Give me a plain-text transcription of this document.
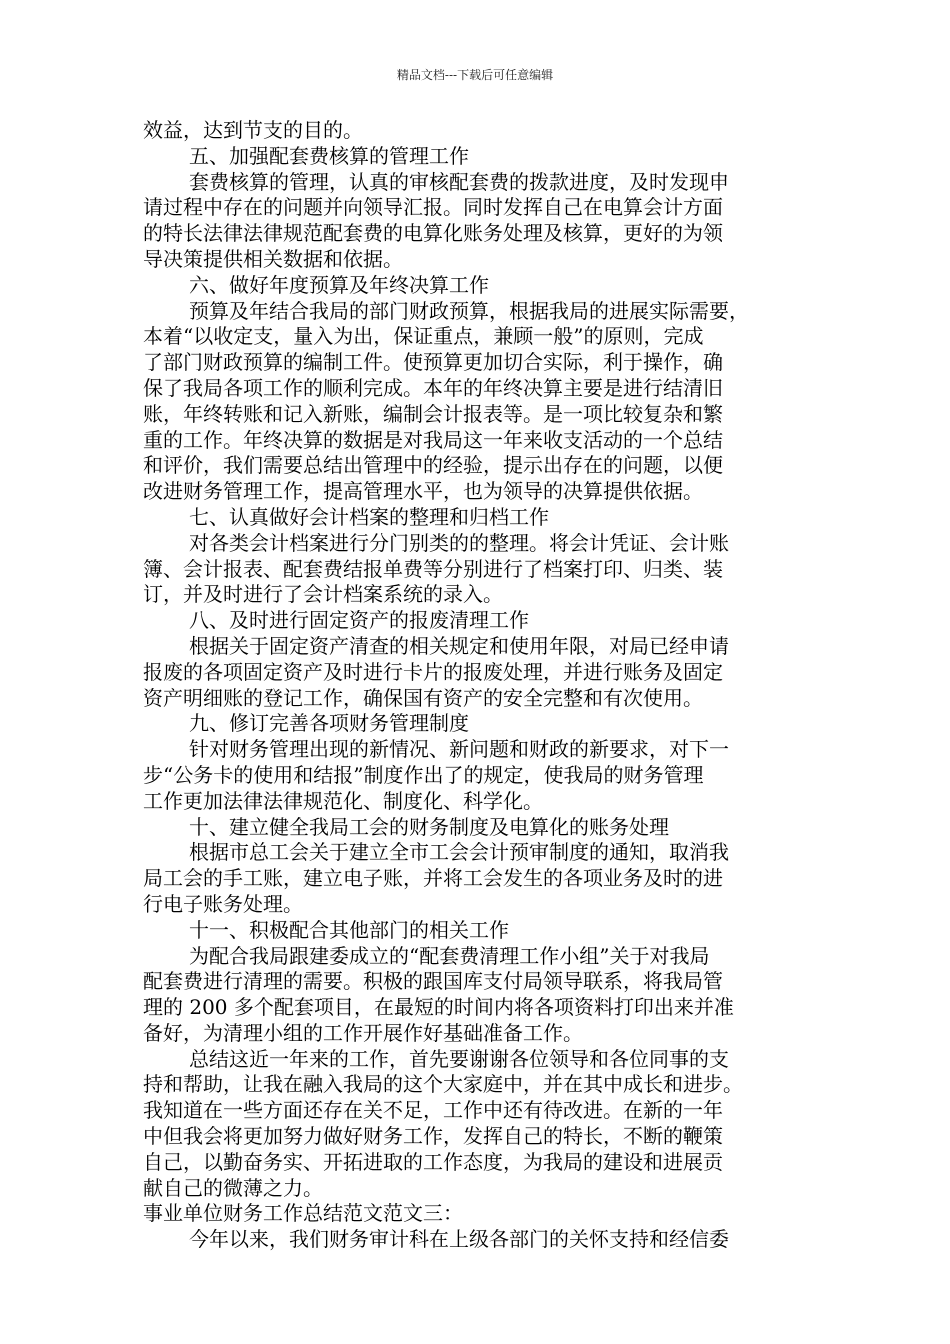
精品文档---下载后可任意编辑
效益，达到节支的目的。
五、加强配套费核算的管理工作
套费核算的管理，认真的审核配套费的拨款进度，及时发现申
请过程中存在的问题并向领导汇报。同时发挥自己在电算会计方面
的特长法律法律规范配套费的电算化账务处理及核算，更好的为领
导决策提供相关数据和依据。
六、做好年度预算及年终决算工作
预算及年结合我局的部门财政预算，根据我局的进展实际需要，
本着“以收定支，量入为出，保证重点，兼顾一般”的原则，完成
了部门财政预算的编制工件。使预算更加切合实际，利于操作，确
保了我局各项工作的顺利完成。本年的年终决算主要是进行结清旧
账，年终转账和记入新账，编制会计报表等。是一项比较复杂和繁
重的工作。年终决算的数据是对我局这一年来收支活动的一个总结
和评价，我们需要总结出管理中的经验，提示出存在的问题，以便
改进财务管理工作，提高管理水平，也为领导的决算提供依据。
七、认真做好会计档案的整理和归档工作
对各类会计档案进行分门别类的的整理。将会计凭证、会计账
簿、会计报表、配套费结报单费等分别进行了档案打印、归类、装
订，并及时进行了会计档案系统的录入。
八、及时进行固定资产的报废清理工作
根据关于固定资产清查的相关规定和使用年限，对局已经申请
报废的各项固定资产及时进行卡片的报废处理，并进行账务及固定
资产明细账的登记工作，确保国有资产的安全完整和有次使用。
九、修订完善各项财务管理制度
针对财务管理出现的新情况、新问题和财政的新要求，对下一
步“公务卡的使用和结报”制度作出了的规定，使我局的财务管理
工作更加法律法律规范化、制度化、科学化。
十、建立健全我局工会的财务制度及电算化的账务处理
根据市总工会关于建立全市工会会计预审制度的通知，取消我
局工会的手工账，建立电子账，并将工会发生的各项业务及时的进
行电子账务处理。
十一、积极配合其他部门的相关工作
为配合我局跟建委成立的“配套费清理工作小组”关于对我局
配套费进行清理的需要。积极的跟国库支付局领导联系，将我局管
理的 200 多个配套项目，在最短的时间内将各项资料打印出来并准
备好，为清理小组的工作开展作好基础准备工作。
总结这近一年来的工作，首先要谢谢各位领导和各位同事的支
持和帮助，让我在融入我局的这个大家庭中，并在其中成长和进步。
我知道在一些方面还存在关不足，工作中还有待改进。在新的一年
中但我会将更加努力做好财务工作，发挥自己的特长，不断的鞭策
自己，以勤奋务实、开拓进取的工作态度，为我局的建设和进展贡
献自己的微薄之力。
事业单位财务工作总结范文范文三：
今年以来，我们财务审计科在上级各部门的关怀支持和经信委
